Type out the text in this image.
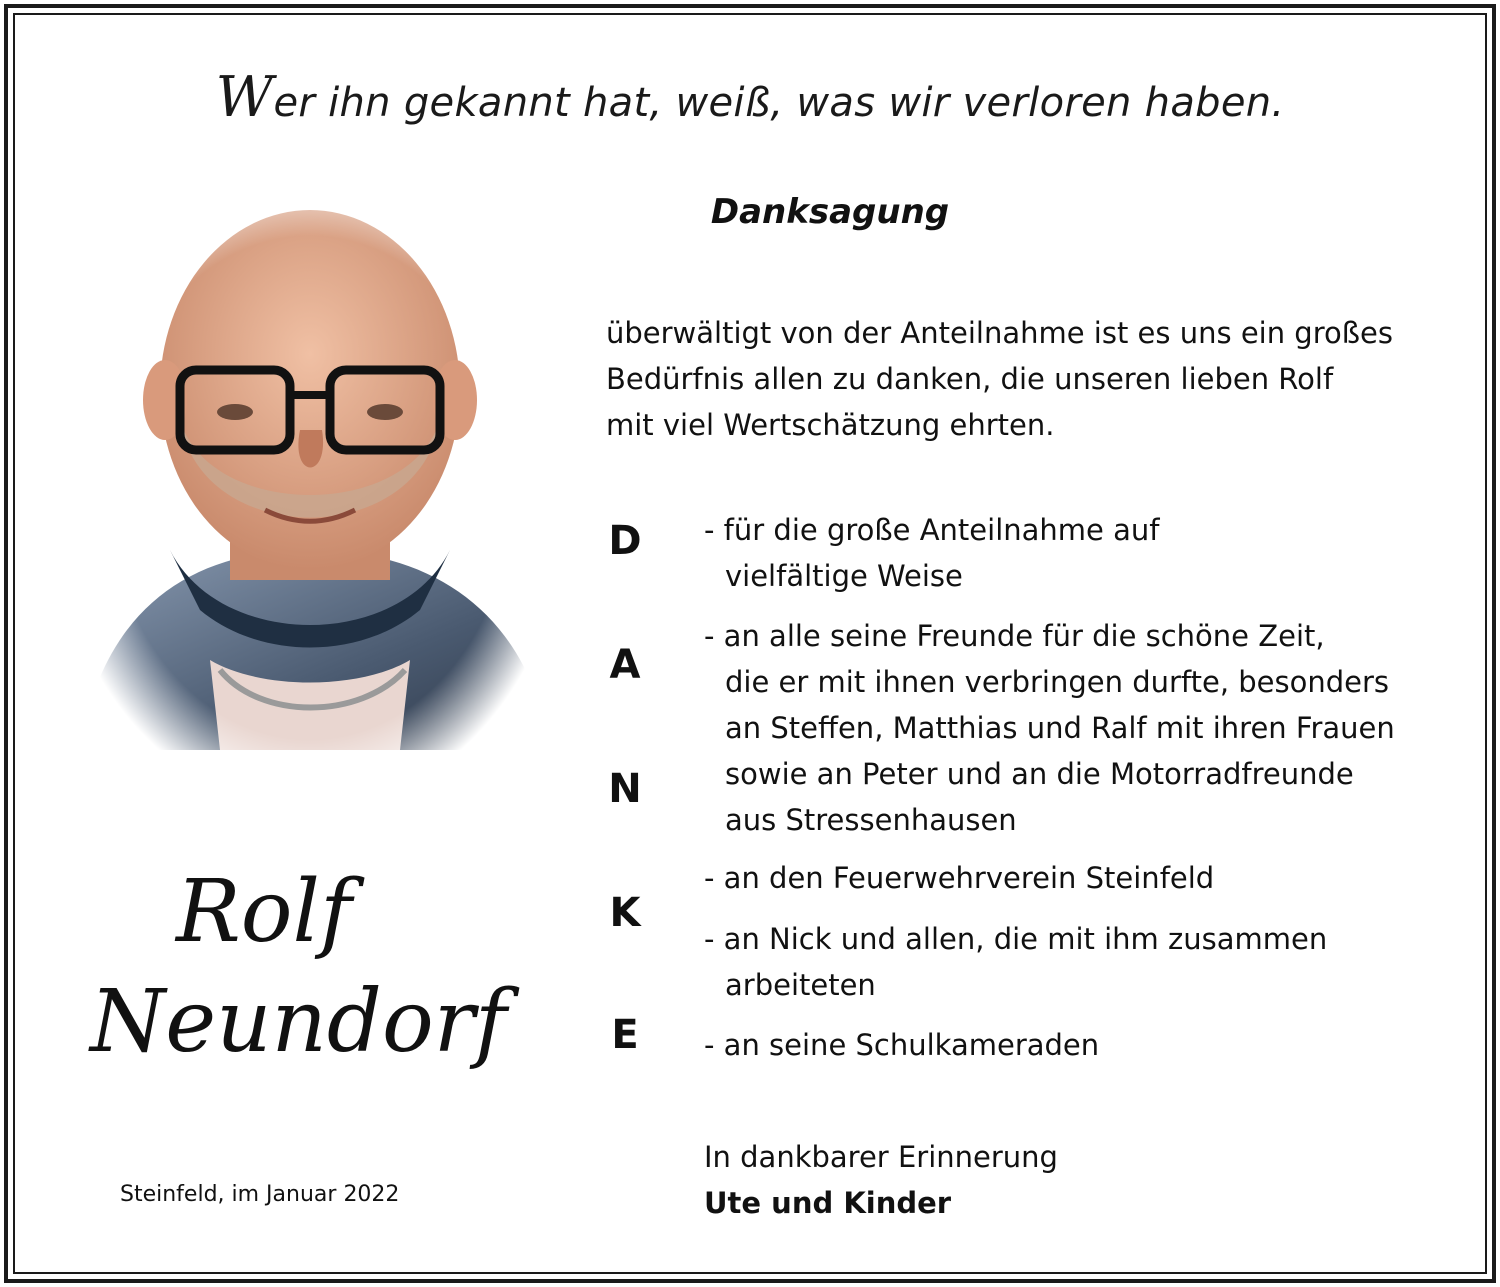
Wer ihn gekannt hat, weiß, was wir verloren haben.
Danksagung
überwältigt von der Anteilnahme ist es uns ein großes
Bedürfnis allen zu danken, die unseren lieben Rolf
mit viel Wertschätzung ehrten.
D
A
N
K
E
- für die große Anteilnahme auf
vielfältige Weise
- an alle seine Freunde für die schöne Zeit,
die er mit ihnen verbringen durfte, besonders
an Steffen, Matthias und Ralf mit ihren Frauen
sowie an Peter und an die Motorradfreunde
aus Stressenhausen
- an den Feuerwehrverein Steinfeld
- an Nick und allen, die mit ihm zusammen
arbeiteten
- an seine Schulkameraden
Rolf
Neundorf
Steinfeld, im Januar 2022
In dankbarer Erinnerung
Ute und Kinder
